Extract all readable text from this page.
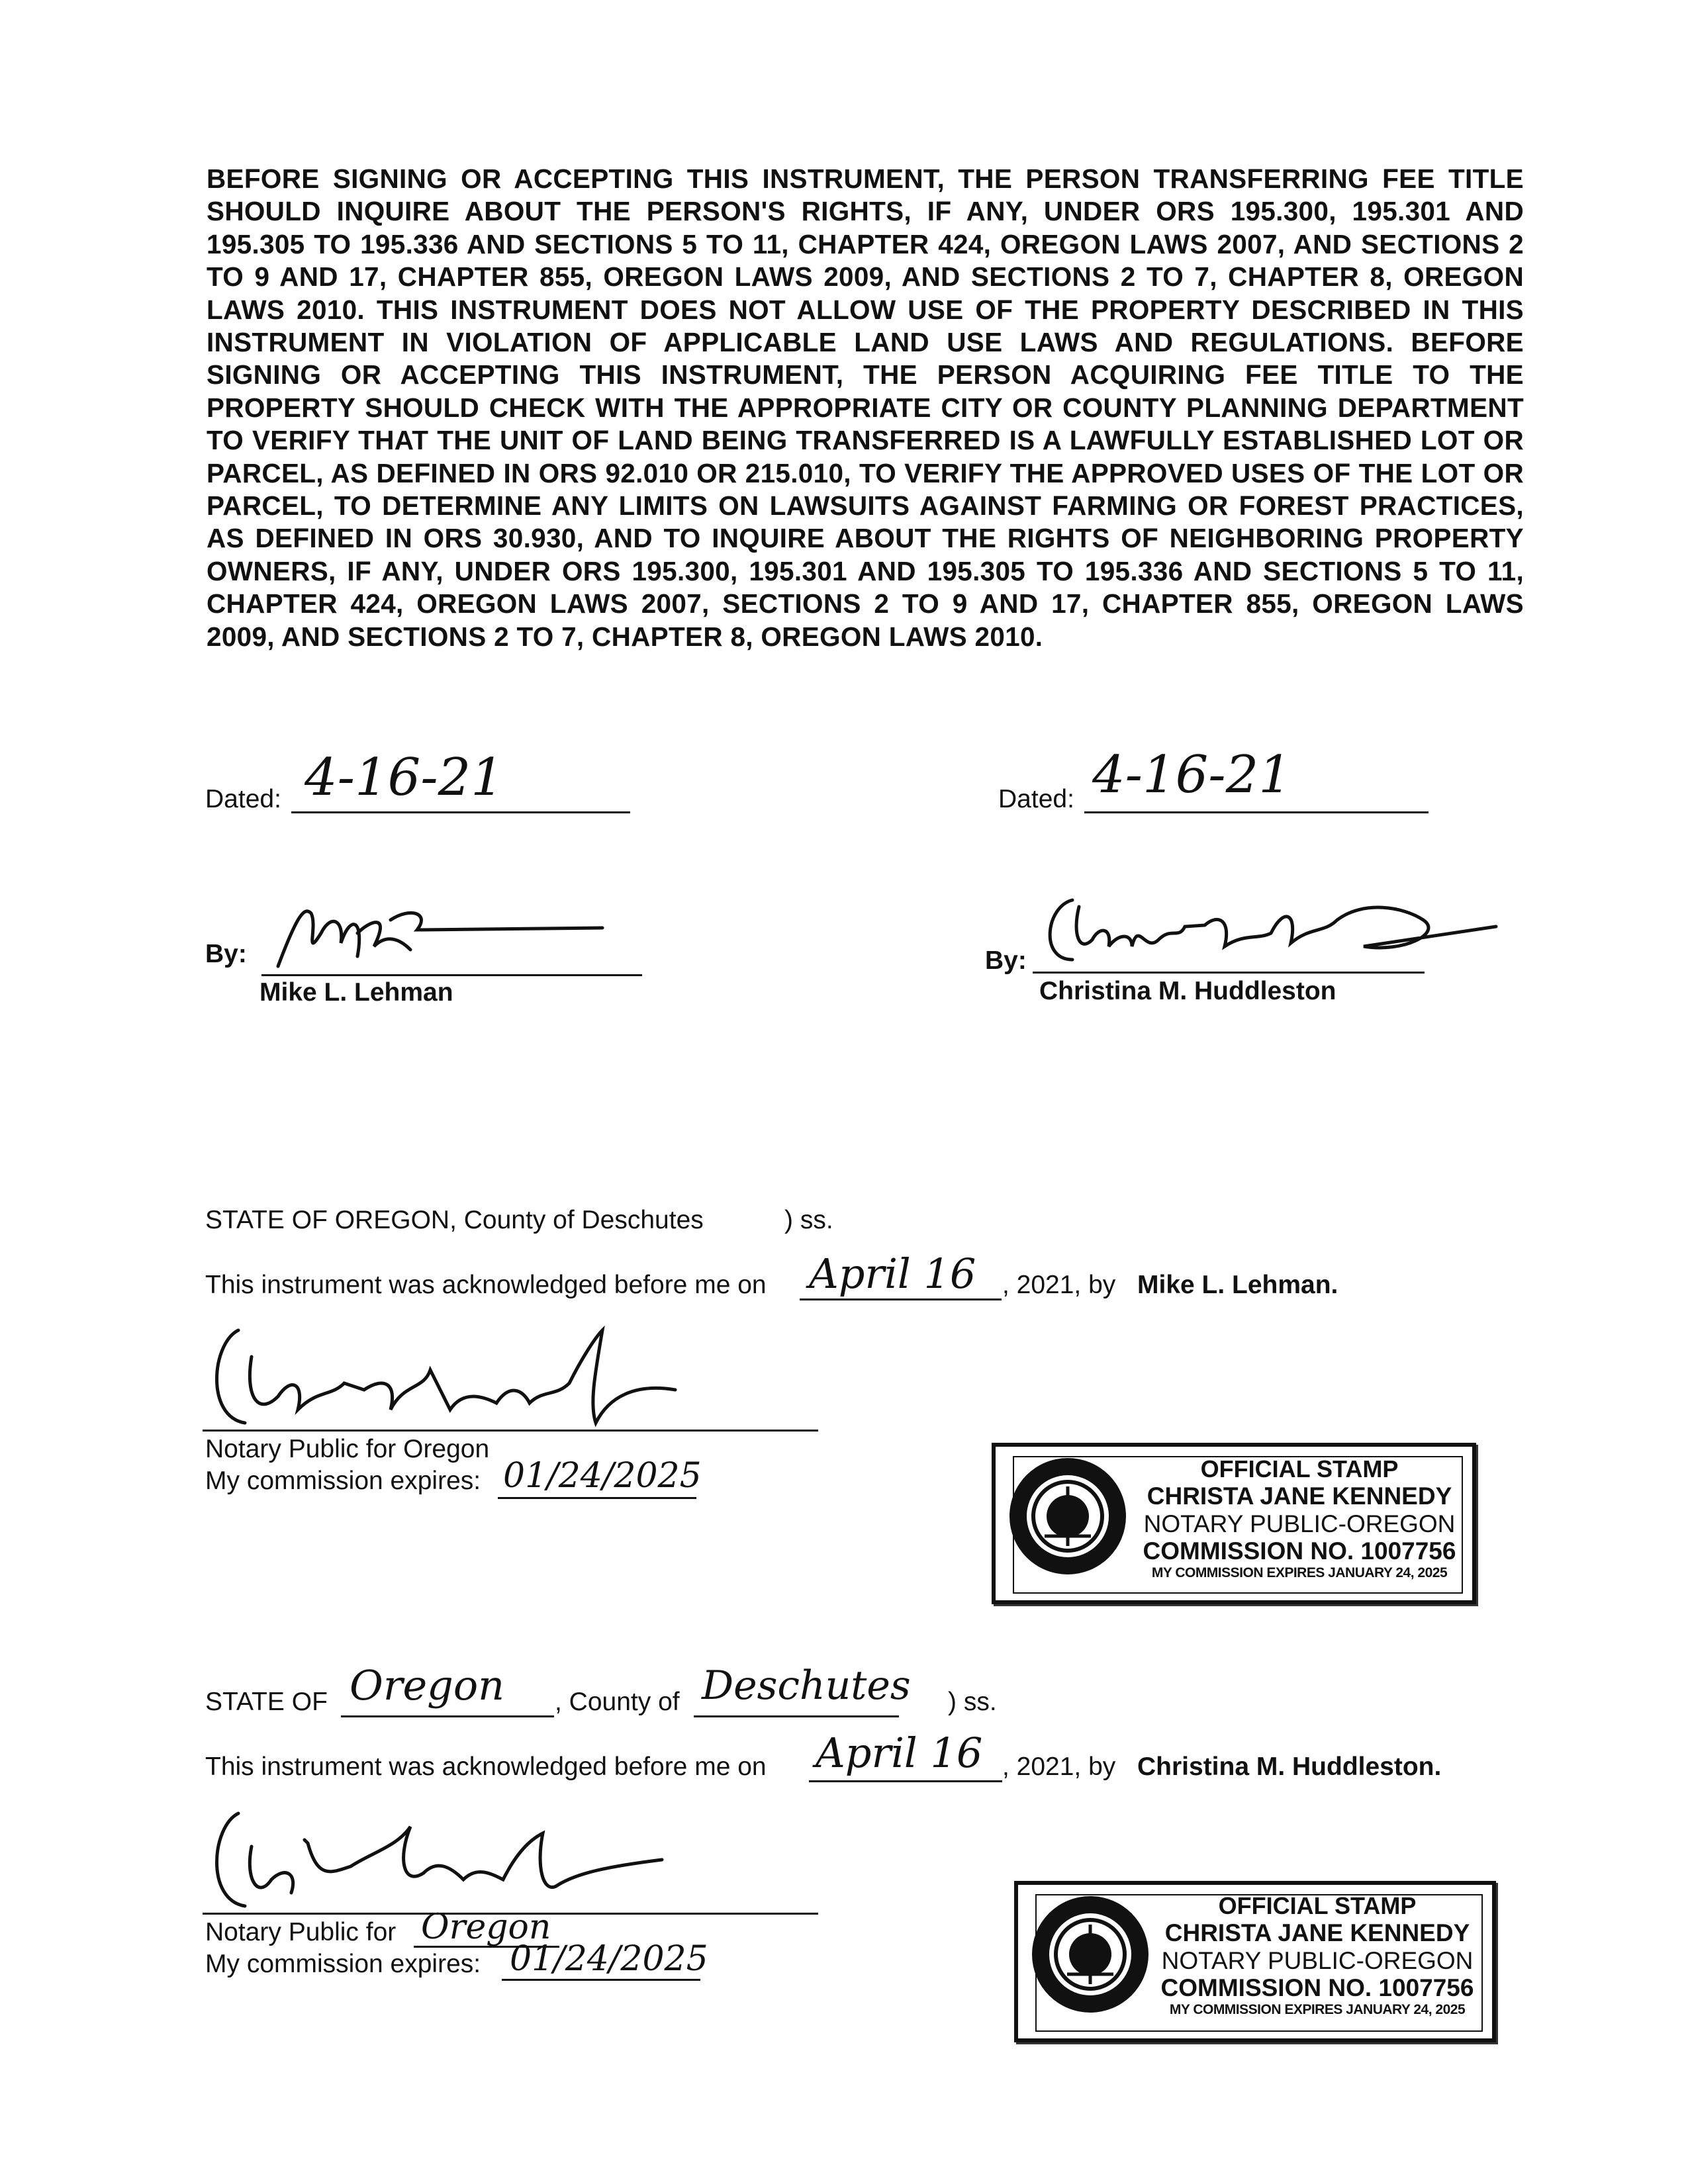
BEFORE SIGNING OR ACCEPTING THIS INSTRUMENT, THE PERSON TRANSFERRING FEE TITLE SHOULD INQUIRE ABOUT THE PERSON'S RIGHTS, IF ANY, UNDER ORS 195.300, 195.301 AND 195.305 TO 195.336 AND SECTIONS 5 TO 11, CHAPTER 424, OREGON LAWS 2007, AND SECTIONS 2 TO 9 AND 17, CHAPTER 855, OREGON LAWS 2009, AND SECTIONS 2 TO 7, CHAPTER 8, OREGON LAWS 2010. THIS INSTRUMENT DOES NOT ALLOW USE OF THE PROPERTY DESCRIBED IN THIS INSTRUMENT IN VIOLATION OF APPLICABLE LAND USE LAWS AND REGULATIONS. BEFORE SIGNING OR ACCEPTING THIS INSTRUMENT, THE PERSON ACQUIRING FEE TITLE TO THE PROPERTY SHOULD CHECK WITH THE APPROPRIATE CITY OR COUNTY PLANNING DEPARTMENT TO VERIFY THAT THE UNIT OF LAND BEING TRANSFERRED IS A LAWFULLY ESTABLISHED LOT OR PARCEL, AS DEFINED IN ORS 92.010 OR 215.010, TO VERIFY THE APPROVED USES OF THE LOT OR PARCEL, TO DETERMINE ANY LIMITS ON LAWSUITS AGAINST FARMING OR FOREST PRACTICES, AS DEFINED IN ORS 30.930, AND TO INQUIRE ABOUT THE RIGHTS OF NEIGHBORING PROPERTY OWNERS, IF ANY, UNDER ORS 195.300, 195.301 AND 195.305 TO 195.336 AND SECTIONS 5 TO 11, CHAPTER 424, OREGON LAWS 2007, SECTIONS 2 TO 9 AND 17, CHAPTER 855, OREGON LAWS 2009, AND SECTIONS 2 TO 7, CHAPTER 8, OREGON LAWS 2010.

Dated: 4-16-21
By:
Mike L. Lehman
Dated: 4-16-21
By:
Christina M. Huddleston
STATE OF OREGON, County of Deschutes	) ss.
This instrument was acknowledged before me on April 16 , 2021, by Mike L. Lehman.
Notary Public for Oregon
My commission expires: 01/24/2025	OFFICIAL STAMP
CHRISTA JANE KENNEDY
NOTARY PUBLIC-OREGON
COMMISSION NO. 1007756
MY COMMISSION EXPIRES JANUARY 24, 2025
STATE OF Oregon , County of Deschutes ) ss.
This instrument was acknowledged before me on April 16 , 2021, by Christina M. Huddleston.
Notary Public for Oregon
My commission expires: 01/24/2025
OFFICIAL STAMP
CHRISTA JANE KENNEDY
NOTARY PUBLIC-OREGON
COMMISSION NO. 1007756
MY COMMISSION EXPIRES JANUARY 24, 2025
